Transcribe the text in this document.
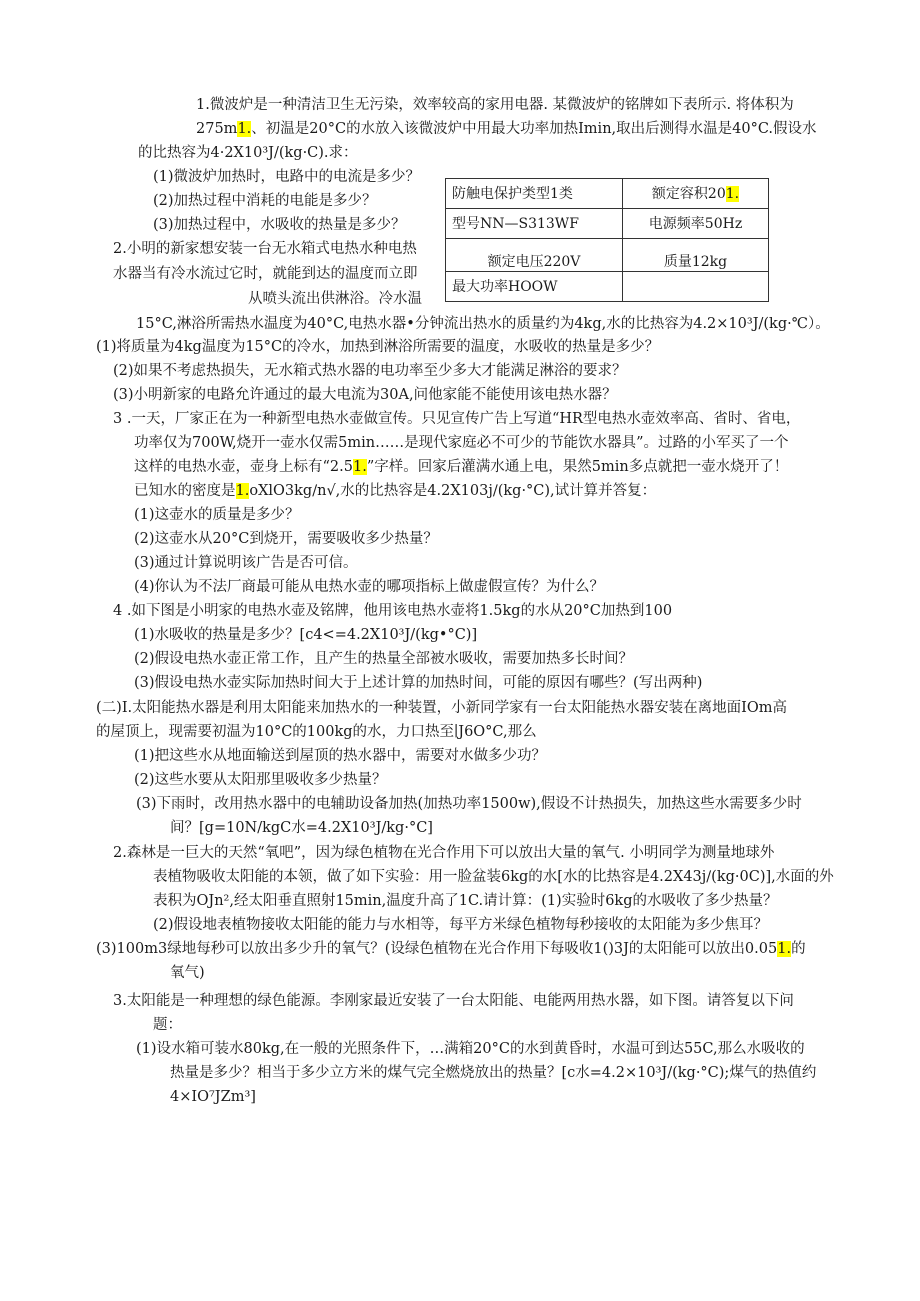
1.微波炉是一种清洁卫生无污染，效率较高的家用电器. 某微波炉的铭牌如下表所示. 将体积为
275m1.、初温是20°C的水放入该微波炉中用最大功率加热Imin,取出后测得水温是40°C.假设水
的比热容为4·2X10³J/(kg·C).求：
(1)微波炉加热时，电路中的电流是多少？
(2)加热过程中消耗的电能是多少？
(3)加热过程中，水吸收的热量是多少？
防触电保护类型1类	额定容积201.
型号NN—S313WF	电源频率50Hz
额定电压220V	质量12kg
最大功率HOOW	
2.小明的新家想安装一台无水箱式电热水种电热
水器当有冷水流过它时，就能到达的温度而立即
从喷头流出供淋浴。冷水温
15°C,淋浴所需热水温度为40°C,电热水器•分钟流出热水的质量约为4kg,水的比热容为4.2×10³J/(kg·℃）。
(1)将质量为4kg温度为15°C的冷水，加热到淋浴所需要的温度，水吸收的热量是多少？
(2)如果不考虑热损失，无水箱式热水器的电功率至少多大才能满足淋浴的要求？
(3)小明新家的电路允许通过的最大电流为30A,问他家能不能使用该电热水器？
3 .一天，厂家正在为一种新型电热水壶做宣传。只见宣传广告上写道“HR型电热水壶效率高、省时、省电，
功率仅为700W,烧开一壶水仅需5min……是现代家庭必不可少的节能饮水器具”。过路的小军买了一个
这样的电热水壶，壶身上标有“2.51.”字样。回家后灌满水通上电，果然5min多点就把一壶水烧开了！
已知水的密度是1.oXlO3kg∕n√,水的比热容是4.2X103j∕(kg·°C),试计算并答复：
(1)这壶水的质量是多少？
(2)这壶水从20°C到烧开，需要吸收多少热量？
(3)通过计算说明该广告是否可信。
(4)你认为不法厂商最可能从电热水壶的哪项指标上做虚假宣传？为什么？
4 .如下图是小明家的电热水壶及铭牌，他用该电热水壶将1.5kg的水从20°C加热到100
(1)水吸收的热量是多少？[c4<=4.2X10³J/(kg•°C)]
(2)假设电热水壶正常工作，且产生的热量全部被水吸收，需要加热多长时间？
(3)假设电热水壶实际加热时间大于上述计算的加热时间，可能的原因有哪些？(写出两种)
(二)I.太阳能热水器是利用太阳能来加热水的一种装置，小新同学家有一台太阳能热水器安装在离地面IOm高
的屋顶上，现需要初温为10°C的100kg的水，力口热至∣J6O°C,那么
(1)把这些水从地面输送到屋顶的热水器中，需要对水做多少功？
(2)这些水要从太阳那里吸收多少热量？
(3)下雨时，改用热水器中的电辅助设备加热(加热功率1500w),假设不计热损失，加热这些水需要多少时
间？[g=10N/kgC水=4.2X10³J/kg·°C]
2.森林是一巨大的天然“氧吧”，因为绿色植物在光合作用下可以放出大量的氧气. 小明同学为测量地球外
表植物吸收太阳能的本领，做了如下实验：用一脸盆装6kg的水[水的比热容是4.2X43j∕(kg·0C)],水面的外
表积为OJn²,经太阳垂直照射15min,温度升高了1C.请计算：(1)实验时6kg的水吸收了多少热量？
(2)假设地表植物接收太阳能的能力与水相等，每平方米绿色植物每秒接收的太阳能为多少焦耳？
(3)100m3绿地每秒可以放出多少升的氧气？(设绿色植物在光合作用下每吸收1()3J的太阳能可以放出0.051.的
氧气)
3.太阳能是一种理想的绿色能源。李刚家最近安装了一台太阳能、电能两用热水器，如下图。请答复以下问
题：
(1)设水箱可装水80kg,在一般的光照条件下，…满箱20°C的水到黄昏时，水温可到达55C,那么水吸收的
热量是多少？相当于多少立方米的煤气完全燃烧放出的热量？[c水=4.2×10³J/(kg·°C);煤气的热值约
4×IO⁷JZm³]
